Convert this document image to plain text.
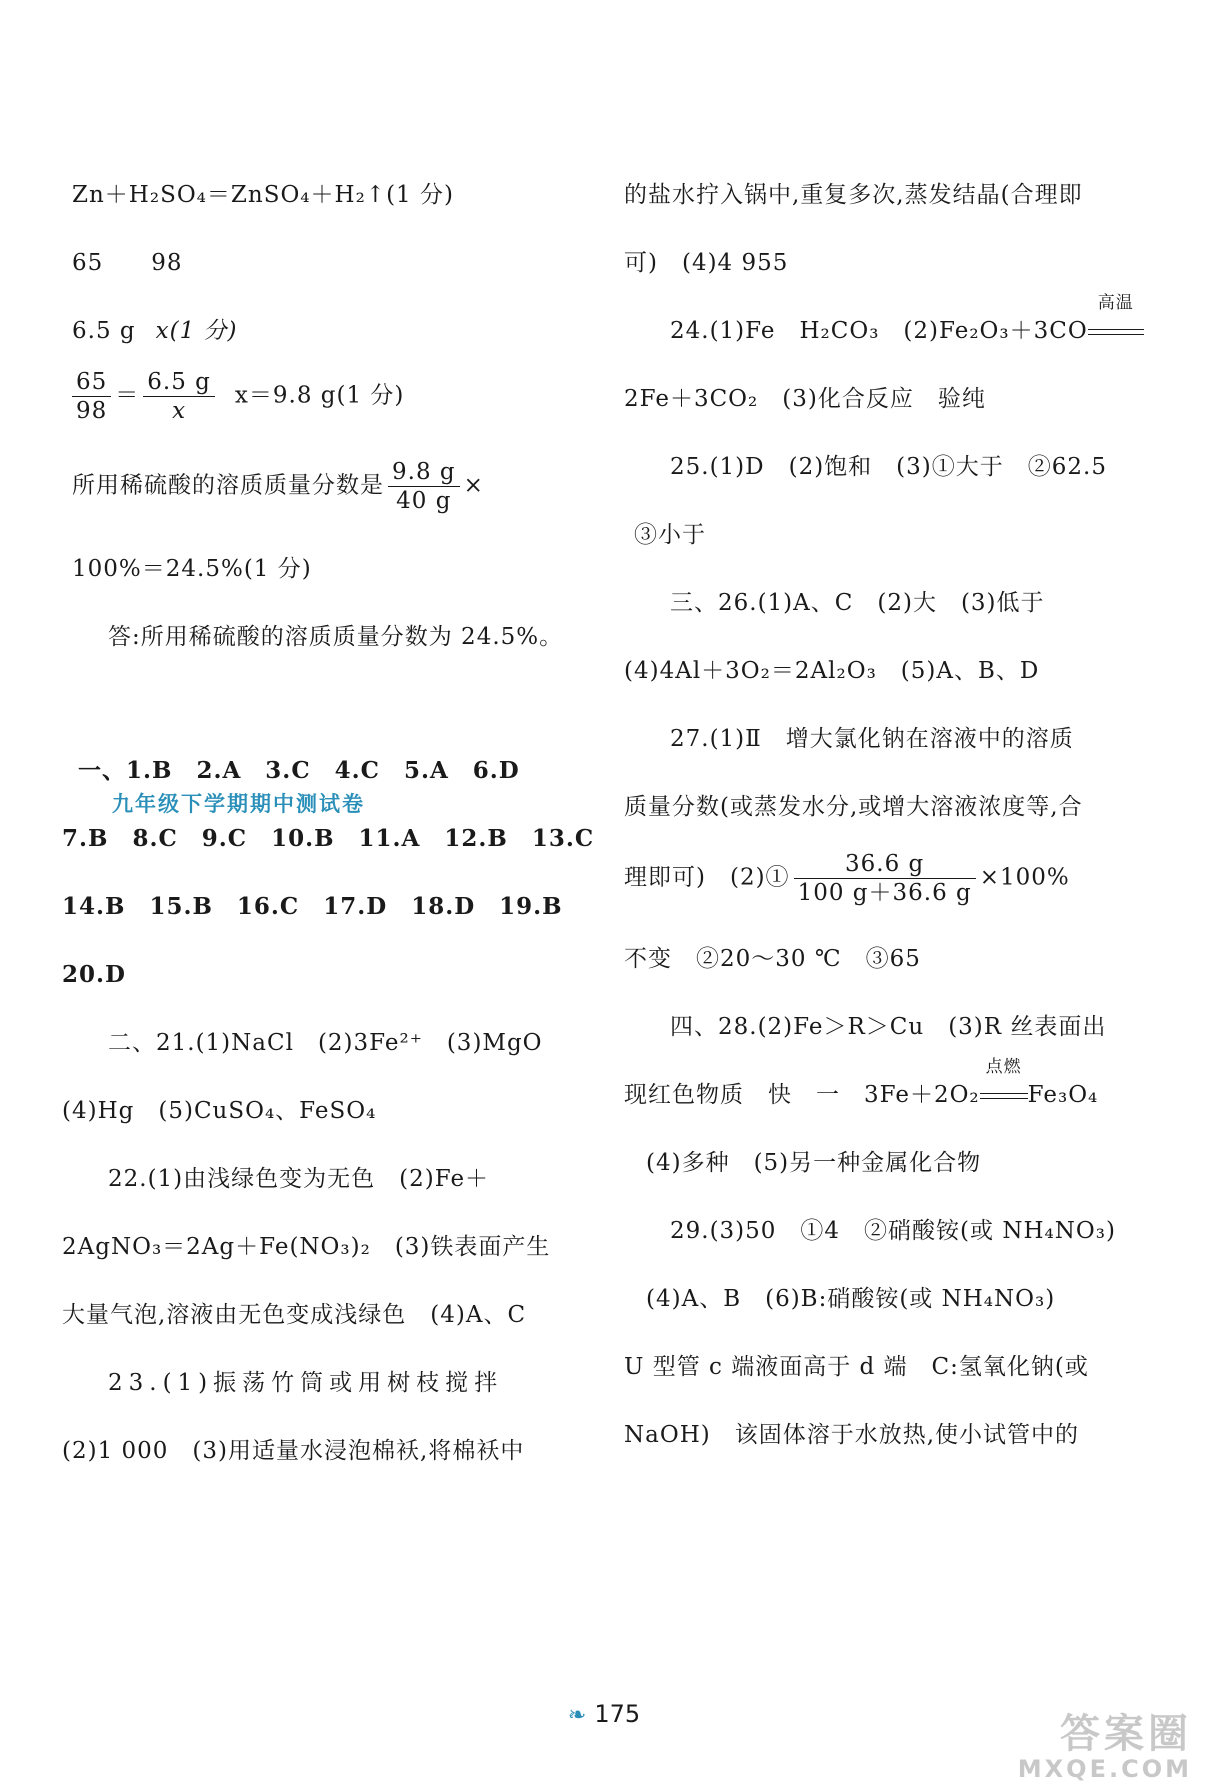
Zn＋H₂SO₄＝ZnSO₄＋H₂↑(1 分)
65 98
6.5 g x(1 分)
$\frac{65}{98} = \frac{6.5 g}{x} x=9.8$ g(1 分)
所用稀硫酸的溶质质量分数是 $\frac{9.8 g}{40 g}$ ×
100%＝24.5%(1 分)
答:所用稀硫酸的溶质质量分数为 24.5%。
一、1.B　2.A　3.C　4.C　5.A　6.D
7.B　8.C　9.C　10.B　11.A　12.B　13.C
14.B　15.B　16.C　17.D　18.D　19.B
20.D
二、21.(1)NaCl　(2)3Fe²⁺　(3)MgO
(4)Hg　(5)CuSO₄、FeSO₄
22.(1)由浅绿色变为无色　(2)Fe＋
2AgNO₃＝2Ag＋Fe(NO₃)₂　(3)铁表面产生
大量气泡,溶液由无色变成浅绿色　(4)A、C
23.(1)振荡竹筒或用树枝搅拌
(2)1 000　(3)用适量水浸泡棉袄,将棉袄中
九年级下学期期中测试卷
的盐水拧入锅中,重复多次,蒸发结晶(合理即
可)　(4)4 955
24.(1)Fe　H₂CO₃　(2)Fe₂O₃＋3CO
高温
2Fe＋3CO₂　(3)化合反应　验纯
25.(1)D　(2)饱和　(3)①大于　②62.5
③小于
三、26.(1)A、C　(2)大　(3)低于
(4)4Al＋3O₂＝2Al₂O₃　(5)A、B、D
27.(1)Ⅱ　增大氯化钠在溶液中的溶质
质量分数(或蒸发水分,或增大溶液浓度等,合
理即可)　(2)① $\frac{36.6 g}{100 g+36.6 g} \times 100\%$
不变　②20～30 ℃　③65
四、28.(2)Fe＞R＞Cu　(3)R 丝表面出
现红色物质　快　一　3Fe＋2O₂
点燃
Fe₃O₄
(4)多种　(5)另一种金属化合物
29.(3)50　①4　②硝酸铵(或 NH₄NO₃)
(4)A、B　(6)B:硝酸铵(或 NH₄NO₃)
U 型管 c 端液面高于 d 端　C:氢氧化钠(或
NaOH)　该固体溶于水放热,使小试管中的
❧ 175	答案圈
MXQE.COM
